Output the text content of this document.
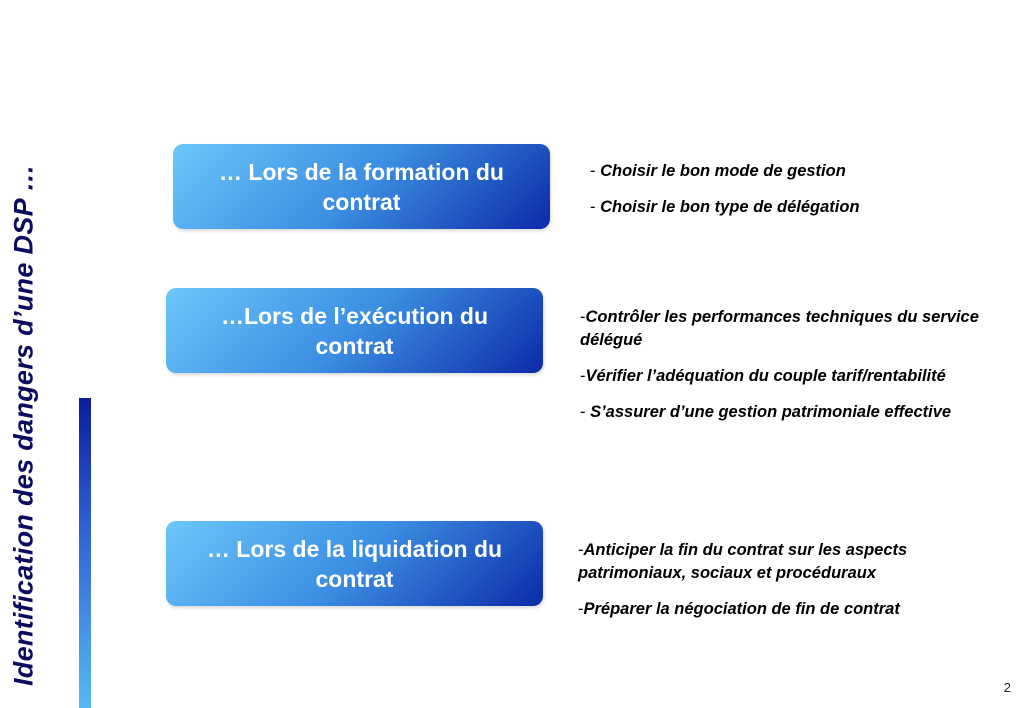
Identification des dangers d’une DSP …	… Lors de la formation du contrat
- Choisir le bon mode de gestion
- Choisir le bon type de délégation
…Lors de l’exécution du contrat
-Contrôler les performances techniques du service délégué
-Vérifier l’adéquation du couple tarif/rentabilité
- S’assurer d’une gestion patrimoniale effective
… Lors de la liquidation du contrat
-Anticiper la fin du contrat sur les aspects patrimoniaux, sociaux et procéduraux
-Préparer la négociation de fin de contrat
2
